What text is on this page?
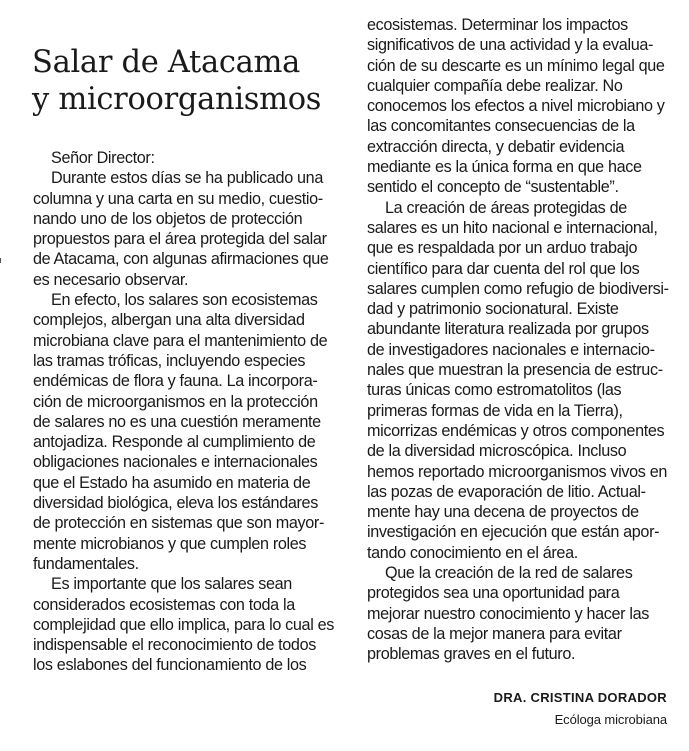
Salar de Atacama
y microorganismos
Señor Director:
Durante estos días se ha publicado una
columna y una carta en su medio, cuestio-
nando uno de los objetos de protección
propuestos para el área protegida del salar
de Atacama, con algunas afirmaciones que
es necesario observar.
En efecto, los salares son ecosistemas
complejos, albergan una alta diversidad
microbiana clave para el mantenimiento de
las tramas tróficas, incluyendo especies
endémicas de flora y fauna. La incorpora-
ción de microorganismos en la protección
de salares no es una cuestión meramente
antojadiza. Responde al cumplimiento de
obligaciones nacionales e internacionales
que el Estado ha asumido en materia de
diversidad biológica, eleva los estándares
de protección en sistemas que son mayor-
mente microbianos y que cumplen roles
fundamentales.
Es importante que los salares sean
considerados ecosistemas con toda la
complejidad que ello implica, para lo cual es
indispensable el reconocimiento de todos
los eslabones del funcionamiento de los
ecosistemas. Determinar los impactos
significativos de una actividad y la evalua-
ción de su descarte es un mínimo legal que
cualquier compañía debe realizar. No
conocemos los efectos a nivel microbiano y
las concomitantes consecuencias de la
extracción directa, y debatir evidencia
mediante es la única forma en que hace
sentido el concepto de “sustentable”.
La creación de áreas protegidas de
salares es un hito nacional e internacional,
que es respaldada por un arduo trabajo
científico para dar cuenta del rol que los
salares cumplen como refugio de biodiversi-
dad y patrimonio socionatural. Existe
abundante literatura realizada por grupos
de investigadores nacionales e internacio-
nales que muestran la presencia de estruc-
turas únicas como estromatolitos (las
primeras formas de vida en la Tierra),
micorrizas endémicas y otros componentes
de la diversidad microscópica. Incluso
hemos reportado microorganismos vivos en
las pozas de evaporación de litio. Actual-
mente hay una decena de proyectos de
investigación en ejecución que están apor-
tando conocimiento en el área.
Que la creación de la red de salares
protegidos sea una oportunidad para
mejorar nuestro conocimiento y hacer las
cosas de la mejor manera para evitar
problemas graves en el futuro.
DRA. CRISTINA DORADOR
Ecóloga microbiana
